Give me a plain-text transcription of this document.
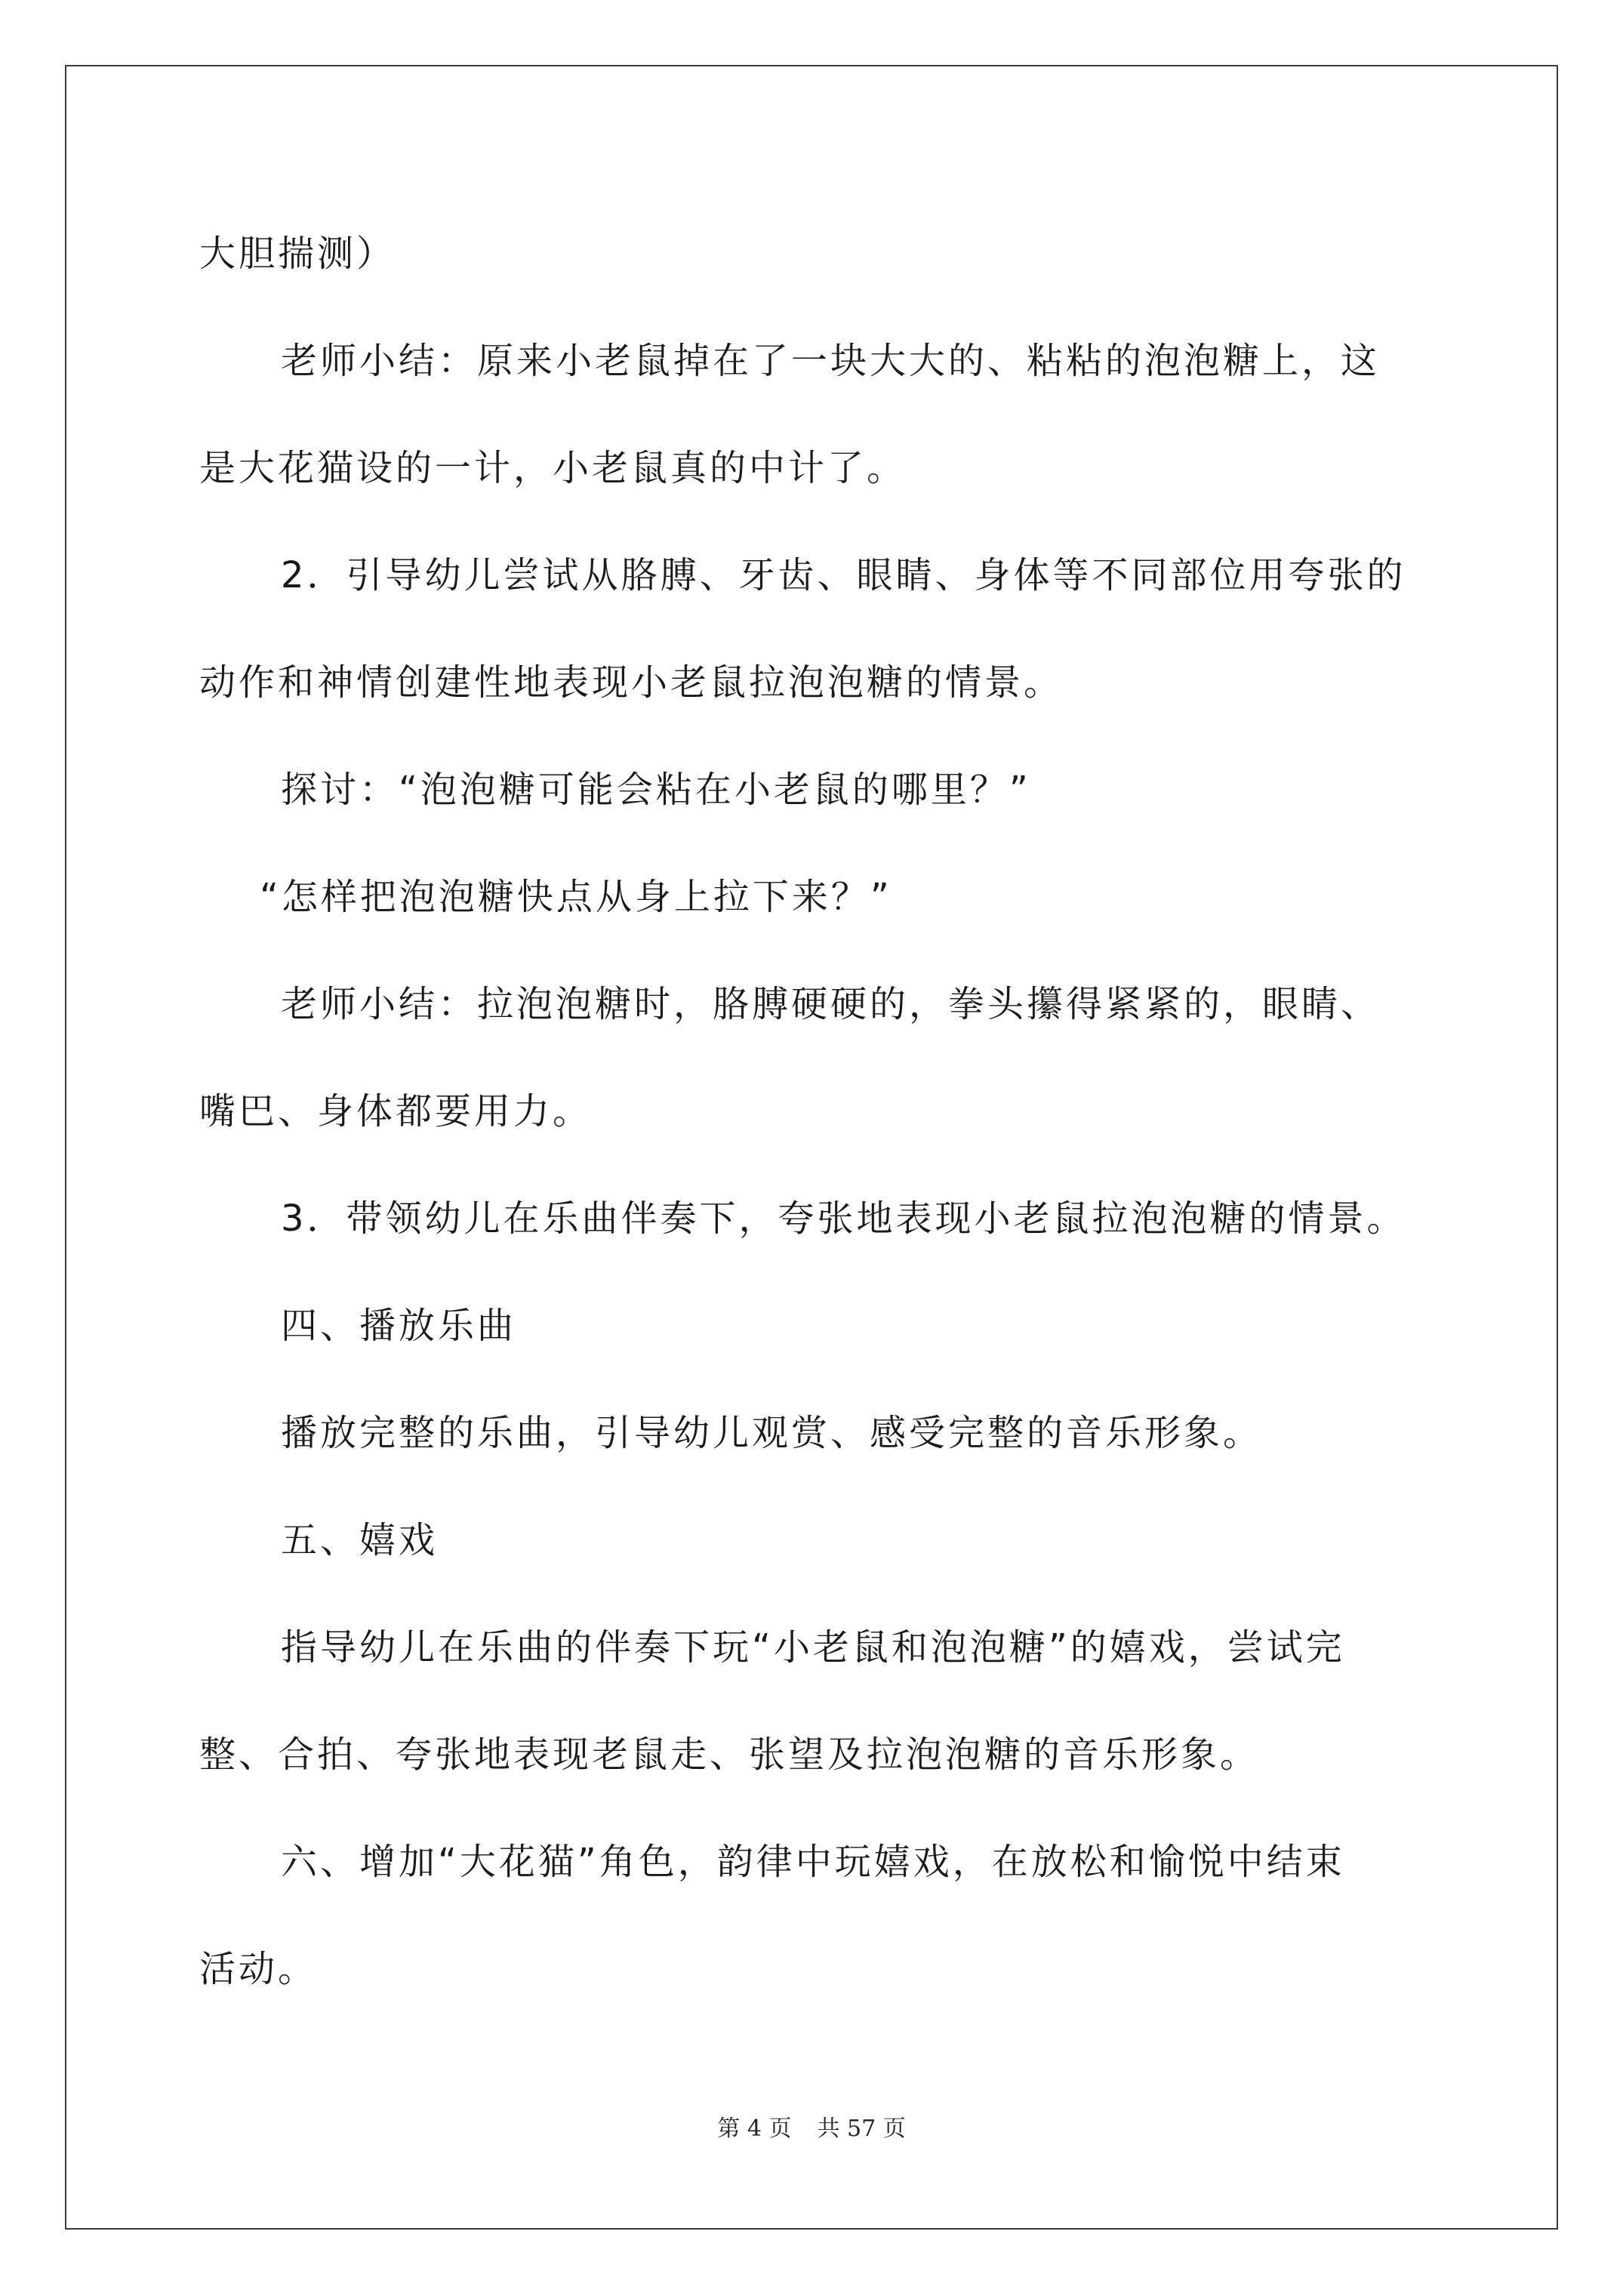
大胆揣测）
老师小结：原来小老鼠掉在了一块大大的、粘粘的泡泡糖上，这
是大花猫设的一计，小老鼠真的中计了。
2．引导幼儿尝试从胳膊、牙齿、眼睛、身体等不同部位用夸张的
动作和神情创建性地表现小老鼠拉泡泡糖的情景。
探讨：“泡泡糖可能会粘在小老鼠的哪里？”
“怎样把泡泡糖快点从身上拉下来？”
老师小结：拉泡泡糖时，胳膊硬硬的，拳头攥得紧紧的，眼睛、
嘴巴、身体都要用力。
3．带领幼儿在乐曲伴奏下，夸张地表现小老鼠拉泡泡糖的情景。
四、播放乐曲
播放完整的乐曲，引导幼儿观赏、感受完整的音乐形象。
五、嬉戏
指导幼儿在乐曲的伴奏下玩“小老鼠和泡泡糖”的嬉戏，尝试完
整、合拍、夸张地表现老鼠走、张望及拉泡泡糖的音乐形象。
六、增加“大花猫”角色，韵律中玩嬉戏，在放松和愉悦中结束
活动。
第 4 页 共 57 页
